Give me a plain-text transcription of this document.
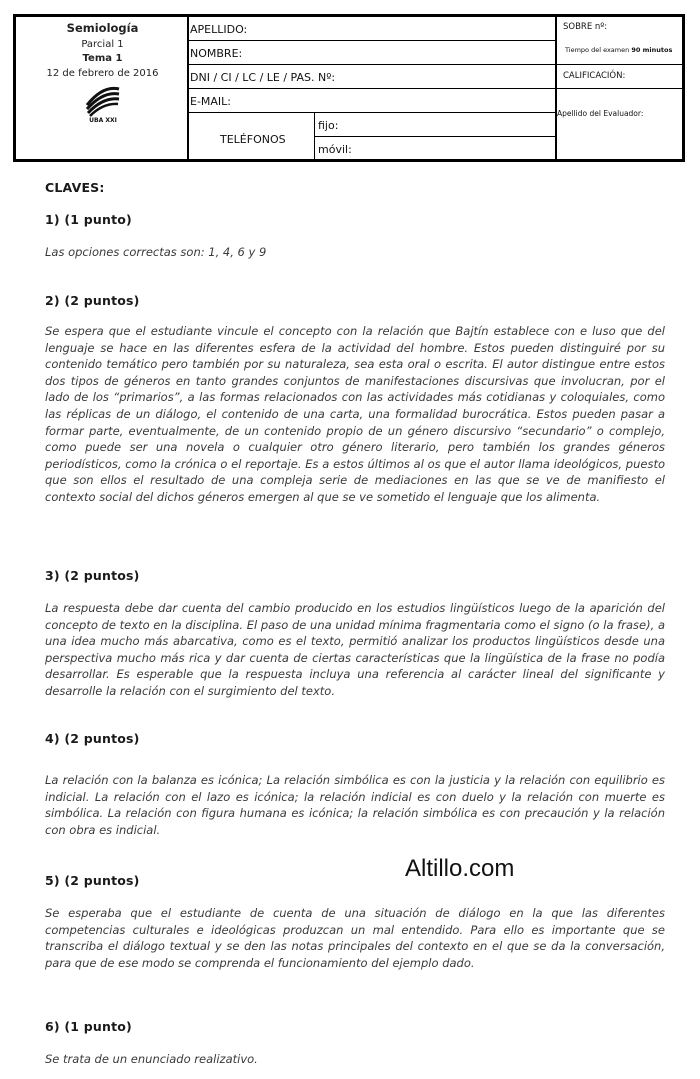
Semiología
Parcial 1
Tema 1
12 de febrero de 2016
UBA XXI
APELLIDO:
NOMBRE:
DNI / CI / LC / LE / PAS. Nº:
E-MAIL:
TELÉFONOS
fijo:
móvil:
SOBRE nº:
Tiempo del examen 90 minutos
CALIFICACIÓN:
Apellido del Evaluador:
CLAVES:
1) (1 punto)
Las opciones correctas son: 1, 4, 6 y 9
2) (2 puntos)
Se espera que el estudiante vincule el concepto con la relación que Bajtín establece con e luso que del lenguaje se hace en las diferentes esfera de la actividad del hombre. Estos pueden distinguiré por su contenido temático pero también por su naturaleza, sea esta oral o escrita. El autor distingue entre estos dos tipos de géneros en tanto grandes conjuntos de manifestaciones discursivas que involucran, por el lado de los “primarios”, a las formas relacionados con las actividades más cotidianas y coloquiales, como las réplicas de un diálogo, el contenido de una carta, una formalidad burocrática. Estos pueden pasar a formar parte, eventualmente, de un contenido propio de un género discursivo “secundario” o complejo, como puede ser una novela o cualquier otro género literario, pero también los grandes géneros periodísticos, como la crónica o el reportaje. Es a estos últimos al os que el autor llama ideológicos, puesto que son ellos el resultado de una compleja serie de mediaciones en las que se ve de manifiesto el contexto social del dichos géneros emergen al que se ve sometido el lenguaje que los alimenta.
3) (2 puntos)
La respuesta debe dar cuenta del cambio producido en los estudios lingüísticos luego de la aparición del concepto de texto en la disciplina. El paso de una unidad mínima fragmentaria como el signo (o la frase), a una idea mucho más abarcativa, como es el texto, permitió analizar los productos lingüísticos desde una perspectiva mucho más rica y dar cuenta de ciertas características que la lingüística de la frase no podía desarrollar. Es esperable que la respuesta incluya una referencia al carácter lineal del significante y desarrolle la relación con el surgimiento del texto.
4) (2 puntos)
La relación con la balanza es icónica; La relación simbólica es con la justicia y la relación con equilibrio es indicial. La relación con el lazo es icónica; la relación indicial es con duelo y la relación con muerte es simbólica. La relación con figura humana es icónica; la relación simbólica es con precaución y la relación con obra es indicial.
5) (2 puntos)
Se esperaba que el estudiante de cuenta de una situación de diálogo en la que las diferentes competencias culturales e ideológicas produzcan un mal entendido. Para ello es importante que se transcriba el diálogo textual y se den las notas principales del contexto en el que se da la conversación, para que de ese modo se comprenda el funcionamiento del ejemplo dado.
6) (1 punto)
Se trata de un enunciado realizativo.
Altillo.com
